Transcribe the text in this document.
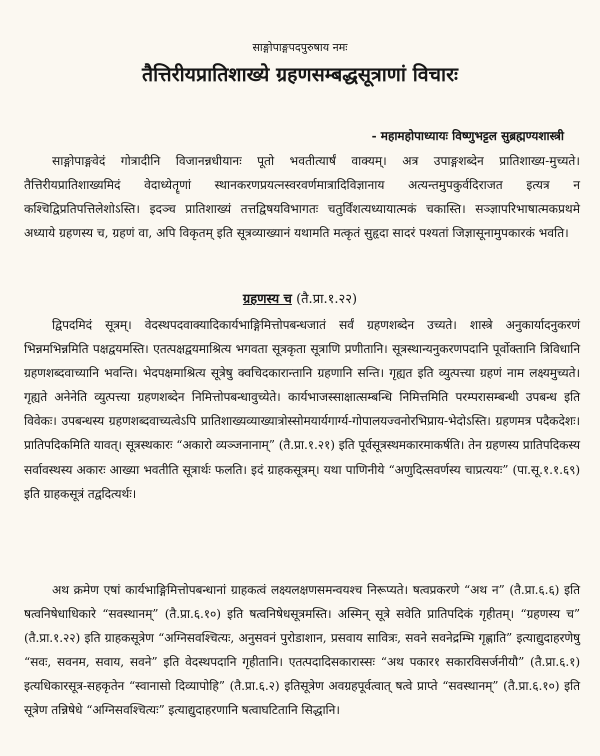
साङ्गोपाङ्गपदपुरुषाय नमः
तैत्तिरीयप्रातिशाख्ये ग्रहणसम्बद्धसूत्राणां विचारः
- महामहोपाध्यायः विष्णुभट्टल सुब्रह्मण्यशास्त्री

साङ्गोपाङ्गवेदं गोत्रादीनि विजानन्नधीयानः पूतो भवतीत्यार्षं वाक्यम्। अत्र उपाङ्गशब्देन प्रातिशाख्य-मुच्यते। तैत्तिरीयप्रातिशाख्यमिदं वेदाध्येतॄणां स्थानकरणप्रयत्नस्वरवर्णमात्रादिविज्ञानाय अत्यन्तमुपकुर्वदिराजत इत्यत्र न कश्चिद्विप्रतिपत्तिलेशोऽस्ति। इदञ्च प्रातिशाख्यं तत्तद्विषयविभागतः चतुर्विंशत्यध्यायात्मकं चकास्ति। सञ्ज्ञापरिभाषात्मकप्रथमे अध्याये ग्रहणस्य च, ग्रहणं वा, अपि विकृतम् इति सूत्रव्याख्यानं यथामति मत्कृतं सुहृदा सादरं पश्यतां जिज्ञासूनामुपकारकं भवति।

ग्रहणस्य च (तै.प्रा.१.२२)

द्विपदमिदं सूत्रम्। वेदस्थपदवाक्यादिकार्यभाङ्गिमित्तोपबन्धजातं सर्वं ग्रहणशब्देन उच्यते। शास्त्रे अनुकार्यादनुकरणं भिन्नमभिन्नमिति पक्षद्वयमस्ति। एतत्पक्षद्वयमाश्रित्य भगवता सूत्रकृता सूत्राणि प्रणीतानि। सूत्रस्थान्यनुकरणपदानि पूर्वोक्तानि त्रिविधानि ग्रहणशब्दवाच्यानि भवन्ति। भेदपक्षमाश्रित्य सूत्रेषु क्वचिदकारान्तानि ग्रहणानि सन्ति। गृह्यत इति व्युत्पत्त्या ग्रहणं नाम लक्ष्यमुच्यते। गृह्यते अनेनेति व्युत्पत्त्या ग्रहणशब्देन निमित्तोपबन्धावुच्येते। कार्यभाजस्साक्षात्सम्बन्धि निमित्तमिति परम्परासम्बन्धी उपबन्ध इति विवेकः। उपबन्धस्य ग्रहणशब्दवाच्यत्वेऽपि प्रातिशाख्यव्याख्यात्रोस्सोमयार्यगार्ग्य-गोपालयज्वनोरभिप्राय-भेदोऽस्ति। ग्रहणमत्र पदैकदेशः। प्रातिपदिकमिति यावत्। सूत्रस्थकारः “अकारो व्यञ्जनानाम्” (तै.प्रा.१.२१) इति पूर्वसूत्रस्थमकारमाकर्षति। तेन ग्रहणस्य प्रातिपदिकस्य सर्वावस्थस्य अकारः आख्या भवतीति सूत्रार्थः फलति। इदं ग्राहकसूत्रम्। यथा पाणिनीये “अणुदित्सवर्णस्य चाप्रत्ययः” (पा.सू.१.१.६९) इति ग्राहकसूत्रं तद्वदित्यर्थः।

अथ क्रमेण एषां कार्यभाङ्गिमित्तोपबन्धानां ग्राहकत्वं लक्ष्यलक्षणसमन्वयश्च निरूप्यते। षत्वप्रकरणे “अथ न” (तै.प्रा.६.६) इति षत्वनिषेधाधिकारे “सवस्थानम्” (तै.प्रा.६.१०) इति षत्वनिषेधसूत्रमस्ति। अस्मिन् सूत्रे सवेति प्रातिपदिकं गृहीतम्। “ग्रहणस्य च” (तै.प्रा.१.२२) इति ग्राहकसूत्रेण “अग्निसवश्चित्यः, अनुसवनं पुरोडाशान, प्रसवाय सावित्रः, सवने सवनेद्रम्भि गृह्णाति” इत्याद्युदाहरणेषु “सवः, सवनम, सवाय, सवने” इति वेदस्थपदानि गृहीतानि। एतत्पदादिसकारास्सः “अथ पकार१ सकारविसर्जनीयौ” (तै.प्रा.६.१) इत्यधिकारसूत्र-सहकृतेन “स्वानासो दिव्यापोहि” (तै.प्रा.६.२) इतिसूत्रेण अवग्रहपूर्वत्वात् षत्वे प्राप्ते “सवस्थानम्” (तै.प्रा.६.१०) इति सूत्रेण तन्निषेधे “अग्निसवश्चित्यः” इत्याद्युदाहरणानि षत्वाघटितानि सिद्धानि।
